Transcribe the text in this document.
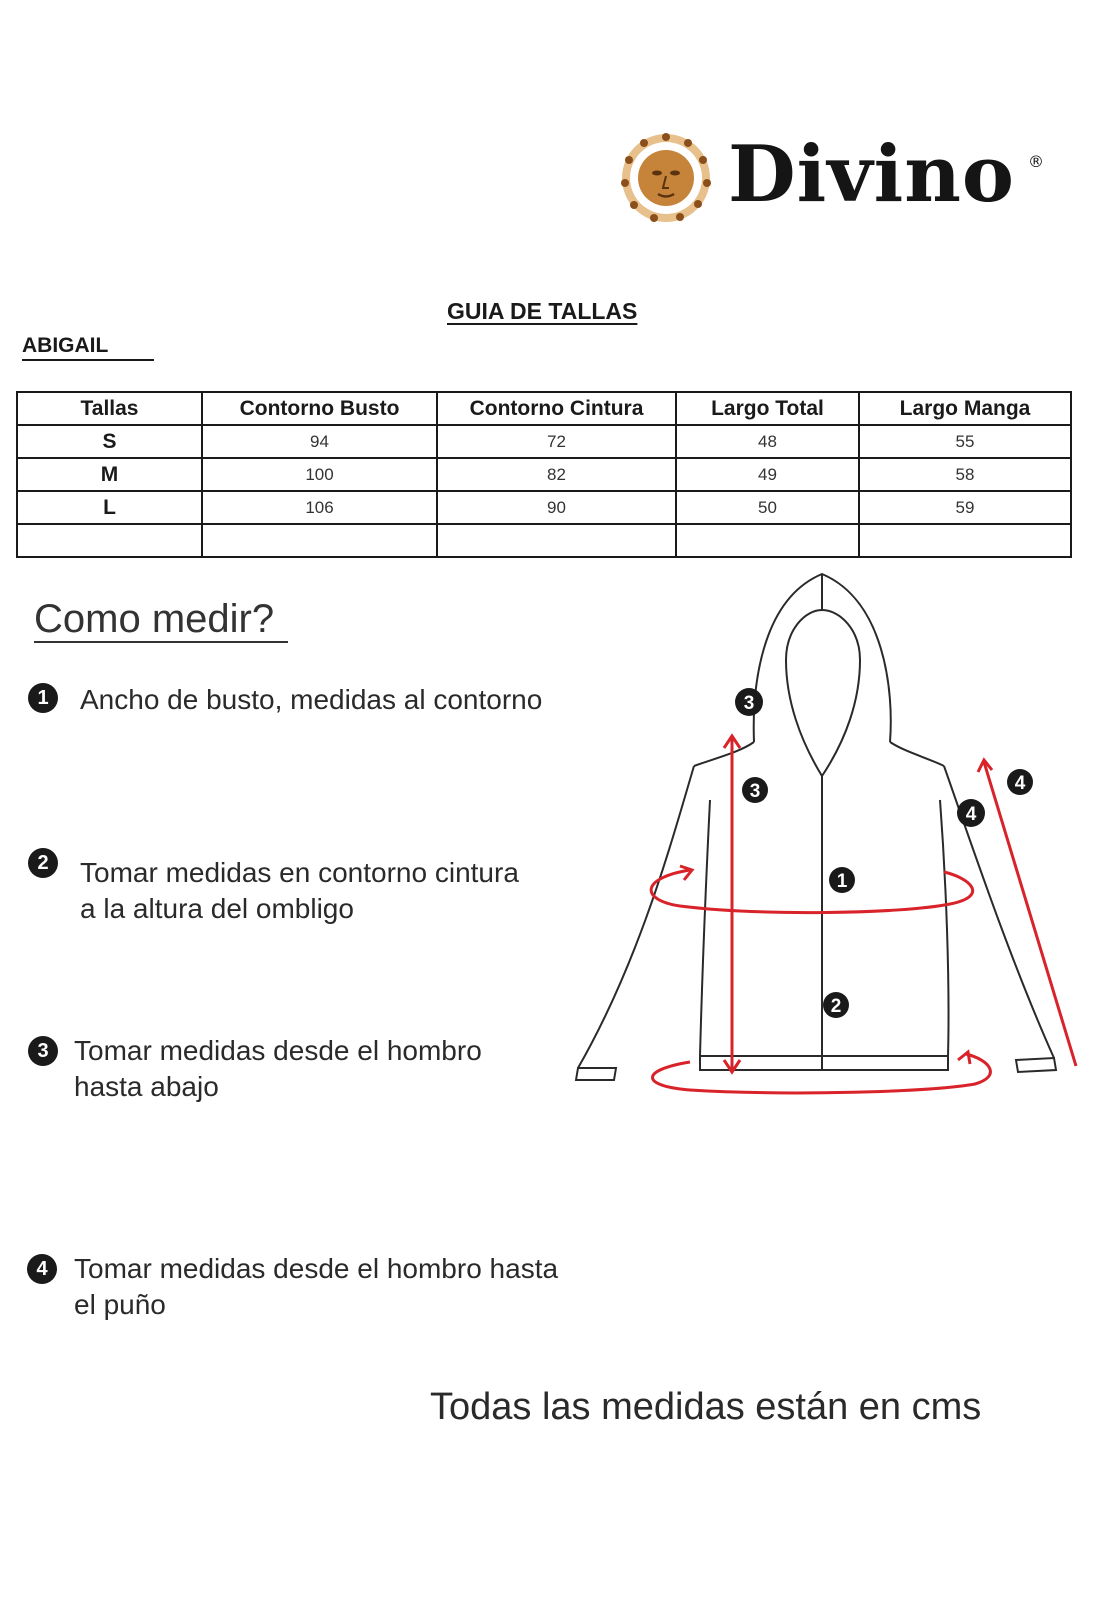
Divino ®
GUIA DE TALLAS
ABIGAIL
Tallas	Contorno Busto	Contorno Cintura	Largo Total	Largo Manga
S	94	72	48	55
M	100	82	49	58
L	106	90	50	59

Como medir?
1	Ancho de busto, medidas al contorno
2	Tomar medidas en contorno cintura
a la altura del ombligo
3 Tomar medidas desde el hombro
hasta abajo
4 Tomar medidas desde el hombro hasta
el puño
3
3	4
4
1
2
Todas las medidas están en cms
